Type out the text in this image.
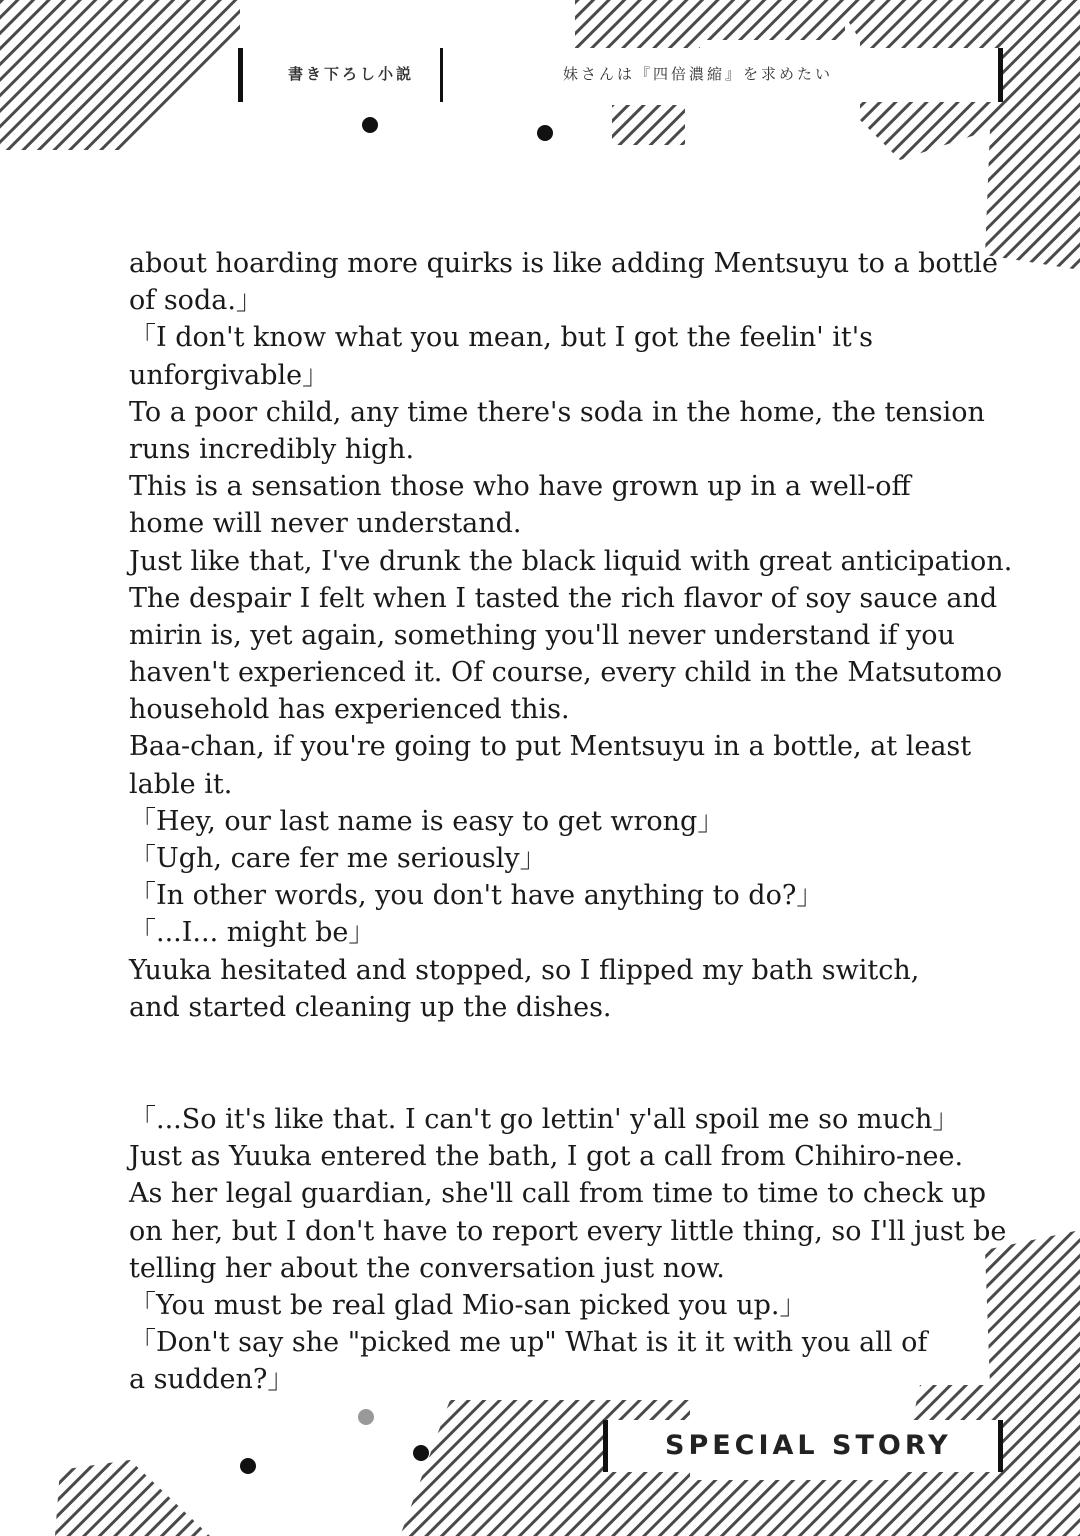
書き下ろし小説	妹さんは『四倍濃縮』を求めたい
about hoarding more quirks is like adding Mentsuyu to a bottle
of soda.」
「I don't know what you mean, but I got the feelin' it's
unforgivable」
To a poor child, any time there's soda in the home, the tension
runs incredibly high.
This is a sensation those who have grown up in a well-off
home will never understand.
Just like that, I've drunk the black liquid with great anticipation.
The despair I felt when I tasted the rich flavor of soy sauce and
mirin is, yet again, something you'll never understand if you
haven't experienced it. Of course, every child in the Matsutomo
household has experienced this.
Baa-chan, if you're going to put Mentsuyu in a bottle, at least
lable it.
「Hey, our last name is easy to get wrong」
「Ugh, care fer me seriously」
「In other words, you don't have anything to do?」
「...I... might be」
Yuuka hesitated and stopped, so I flipped my bath switch,
and started cleaning up the dishes.
「...So it's like that. I can't go lettin' y'all spoil me so much」
Just as Yuuka entered the bath, I got a call from Chihiro-nee.
As her legal guardian, she'll call from time to time to check up
on her, but I don't have to report every little thing, so I'll just be
telling her about the conversation just now.
「You must be real glad Mio-san picked you up.」
「Don't say she "picked me up" What is it it with you all of
a sudden?」
SPECIAL STORY
